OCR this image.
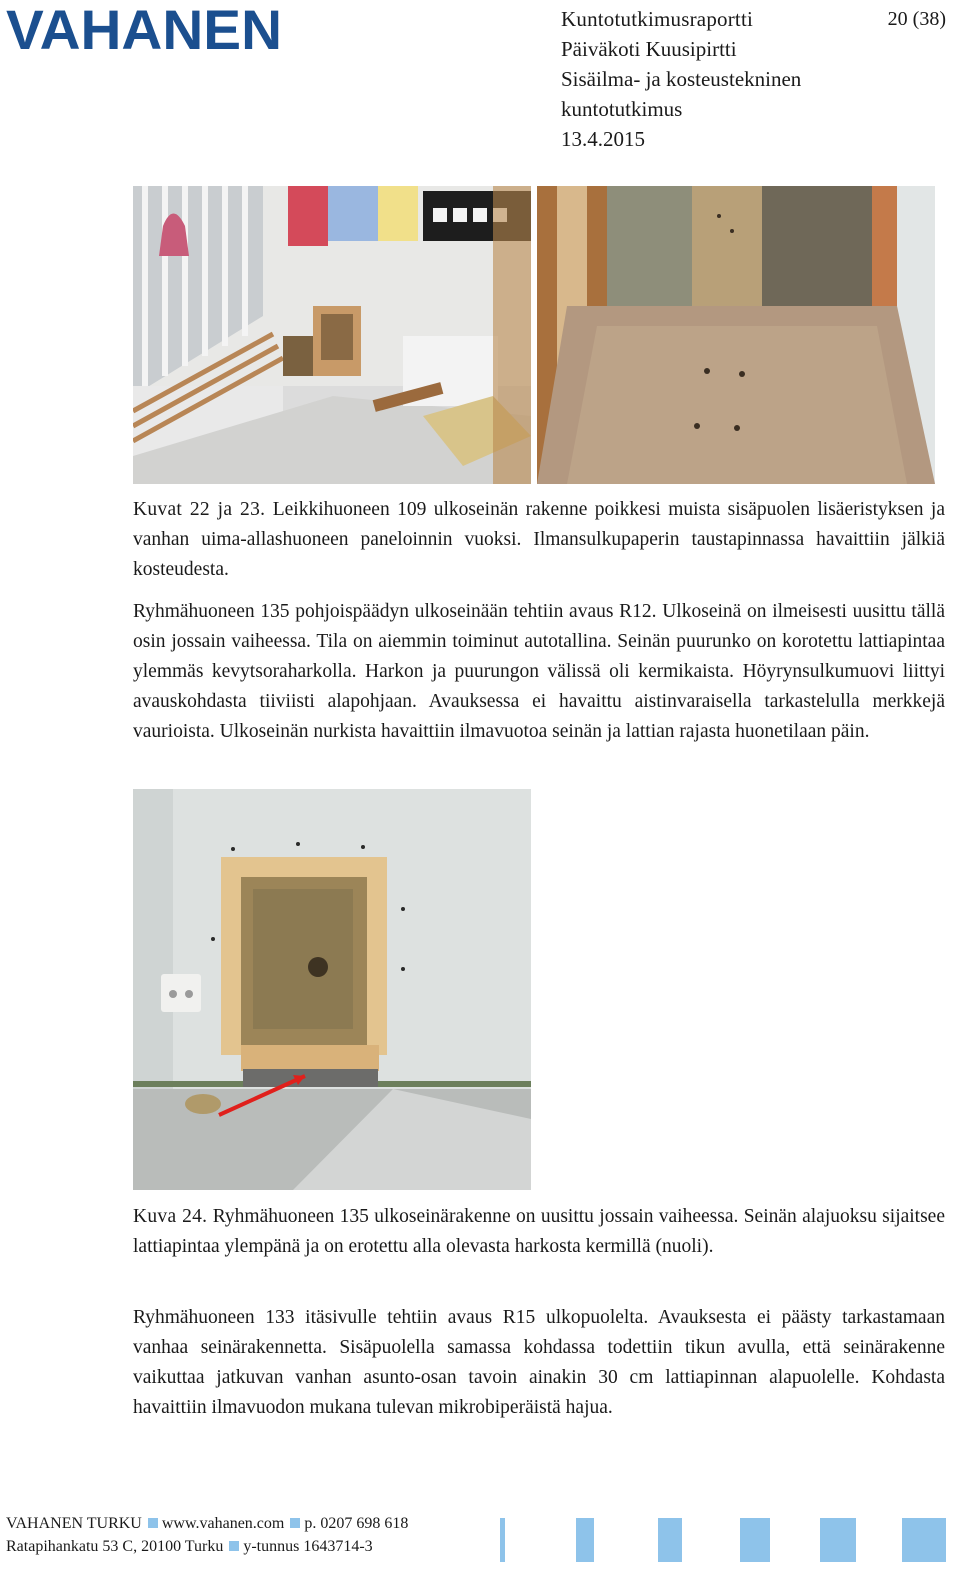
VAHANEN	Kuntotutkimusraportti
Päiväkoti Kuusipirtti
Sisäilma- ja kosteustekninen
kuntotutkimus
13.4.2015
20 (38)
Kuvat 22 ja 23. Leikkihuoneen 109 ulkoseinän rakenne poikkesi muista sisäpuolen lisäeristyksen ja vanhan uima-allashuoneen paneloinnin vuoksi. Ilmansulkupaperin taustapinnassa havaittiin jälkiä kosteudesta.
Ryhmähuoneen 135 pohjoispäädyn ulkoseinään tehtiin avaus R12. Ulkoseinä on ilmeisesti uusittu tällä osin jossain vaiheessa. Tila on aiemmin toiminut autotallina. Seinän puurunko on korotettu lattiapintaa ylemmäs kevytsoraharkolla. Harkon ja puurungon välissä oli kermikaista. Höyrynsulkumuovi liittyi avauskohdasta tiiviisti alapohjaan. Avauksessa ei havaittu aistinvaraisella tarkastelulla merkkejä vaurioista. Ulkoseinän nurkista havaittiin ilmavuotoa seinän ja lattian rajasta huonetilaan päin.
Kuva 24. Ryhmähuoneen 135 ulkoseinärakenne on uusittu jossain vaiheessa. Seinän alajuoksu sijaitsee lattiapintaa ylempänä ja on erotettu alla olevasta harkosta kermillä (nuoli).
Ryhmähuoneen 133 itäsivulle tehtiin avaus R15 ulkopuolelta. Avauksesta ei päästy tarkastamaan vanhaa seinärakennetta. Sisäpuolella samassa kohdassa todettiin tikun avulla, että seinärakenne vaikuttaa jatkuvan vanhan asunto-osan tavoin ainakin 30 cm lattiapinnan alapuolelle. Kohdasta havaittiin ilmavuodon mukana tulevan mikrobiperäistä hajua.
VAHANEN TURKU www.vahanen.com p. 0207 698 618
Ratapihankatu 53 C, 20100 Turku y-tunnus 1643714-3
